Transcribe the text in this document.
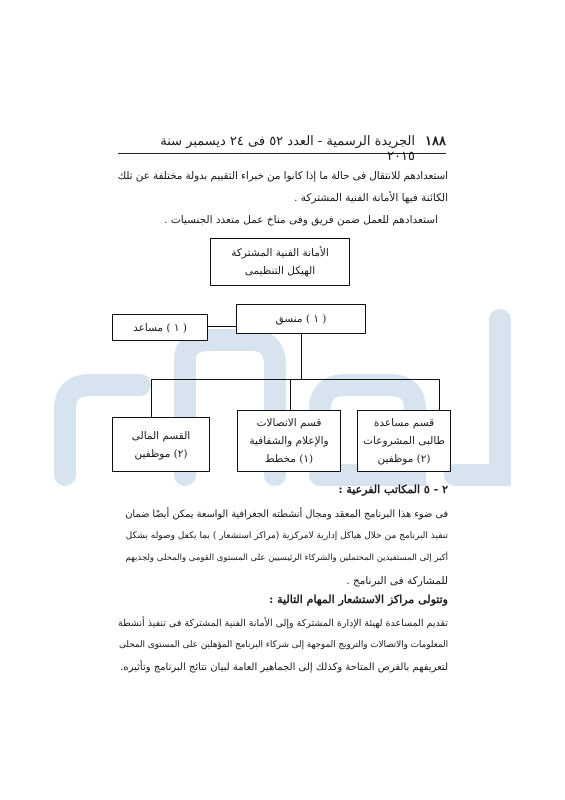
١٨٨
الجريدة الرسمية - العدد ٥٢ فى ٢٤ ديسمبر سنة ٢٠١٥
استعدادهم للانتقال فى حالة ما إذا كانوا من خبراء التقييم بدولة مختلفة عن تلك
الكائنة فيها الأمانة الفنية المشتركة .
استعدادهم للعمل ضمن فريق وفى مناخ عمل متعدد الجنسيات .
الأمانة الفنية المشتركة
الهيكل التنظيمى
( ١ ) منسق
( ١ ) مساعد
القسم المالى
(٢) موظفين
قسم الاتصالات والإعلام والشفافية
(١) مخطط
قسم مساعدة طالبى المشروعات
(٢) موظفين
٢ - ٥ المكاتب الفرعية :
فى ضوء هذا البرنامج المعقد ومجال أنشطته الجغرافية الواسعة يمكن أيضًا ضمان
تنفيذ البرنامج من خلال هياكل إدارية لامركزية (مراكز استشعار ) بما يكفل وصوله بشكل
أكبر إلى المستفيدين المحتملين والشركاء الرئيسيين على المستوى القومى والمحلى ولجذبهم
للمشاركة فى البرنامج .
وتتولى مراكز الاستشعار المهام التالية :
تقديم المساعدة لهيئة الإدارة المشتركة وإلى الأمانة الفنية المشتركة فى تنفيذ أنشطة
المعلومات والاتصالات والترويج الموجهة إلى شركاء البرنامج المؤهلين على المستوى المحلى
لتعريفهم بالفرص المتاحة وكذلك إلى الجماهير العامة لبيان نتائج البرنامج وتأثيره.
